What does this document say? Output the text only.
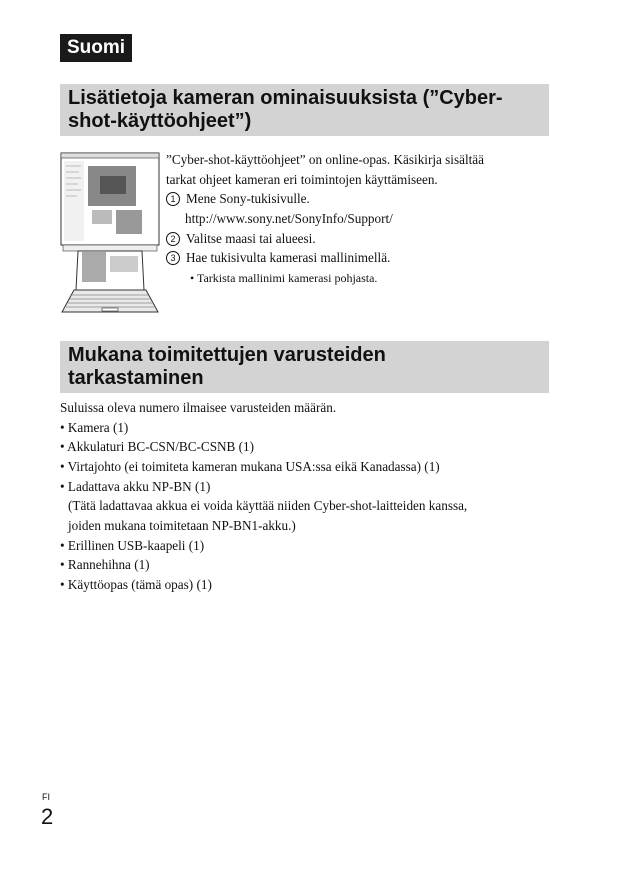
Suomi
Lisätietoja kameran ominaisuuksista (”Cyber-
shot-käyttöohjeet”)
”Cyber-shot-käyttöohjeet” on online-opas. Käsikirja sisältää
tarkat ohjeet kameran eri toimintojen käyttämiseen.
1 Mene Sony-tukisivulle.
http://www.sony.net/SonyInfo/Support/
2 Valitse maasi tai alueesi.
3 Hae tukisivulta kamerasi mallinimellä.
• Tarkista mallinimi kamerasi pohjasta.
Mukana toimitettujen varusteiden
tarkastaminen
Suluissa oleva numero ilmaisee varusteiden määrän.
• Kamera (1)
• Akkulaturi BC-CSN/BC-CSNB (1)
• Virtajohto (ei toimiteta kameran mukana USA:ssa eikä Kanadassa) (1)
• Ladattava akku NP-BN (1)
(Tätä ladattavaa akkua ei voida käyttää niiden Cyber-shot-laitteiden kanssa,
joiden mukana toimitetaan NP-BN1-akku.)
• Erillinen USB-kaapeli (1)
• Rannehihna (1)
• Käyttöopas (tämä opas) (1)
FI
2
